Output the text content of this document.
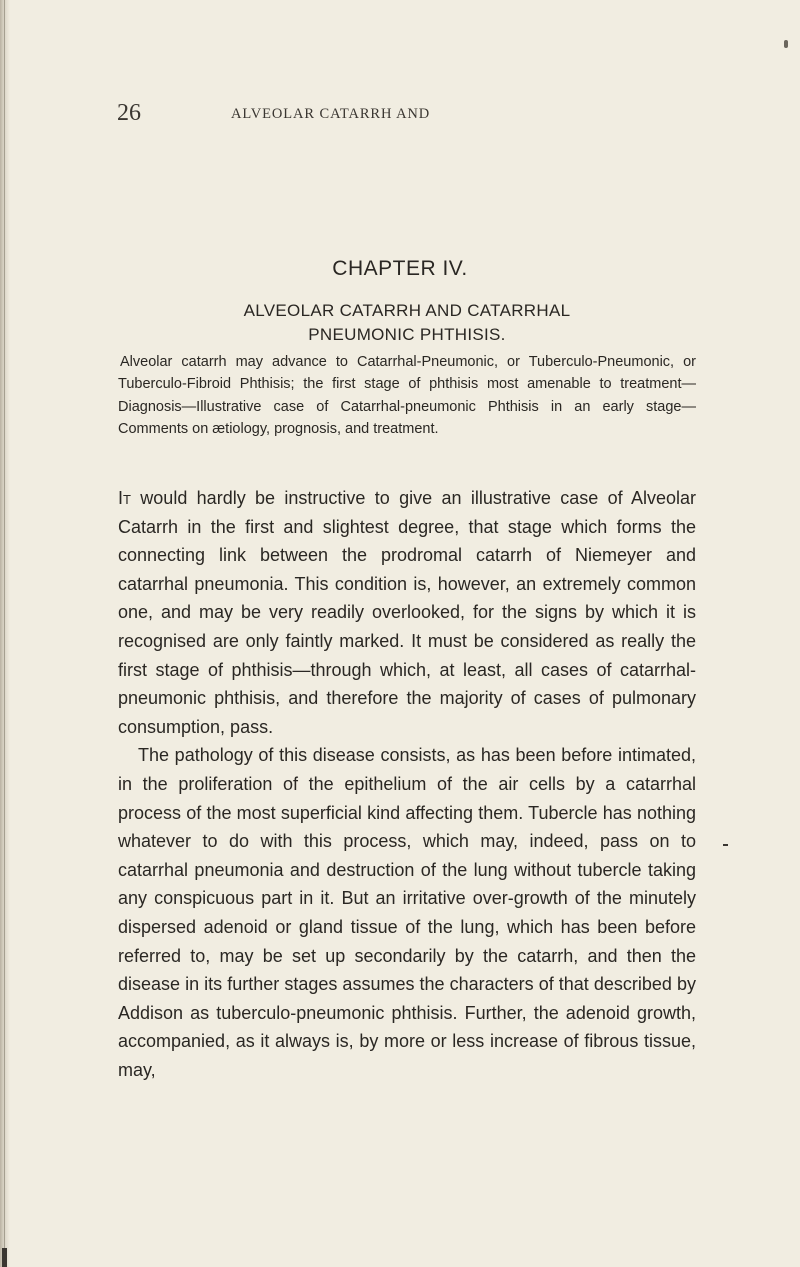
26	ALVEOLAR CATARRH AND
CHAPTER IV.
ALVEOLAR CATARRH AND CATARRHAL PNEUMONIC PHTHISIS.

Alveolar catarrh may advance to Catarrhal-Pneumonic, or Tuberculo-Pneumonic, or Tuberculo-Fibroid Phthisis; the first stage of phthisis most amenable to treatment—Diagnosis—Illustrative case of Catarrhal-pneumonic Phthisis in an early stage—Comments on ætiology, prognosis, and treatment.

It would hardly be instructive to give an illustrative case of Alveolar Catarrh in the first and slightest degree, that stage which forms the connecting link between the prodromal catarrh of Niemeyer and catarrhal pneumonia. This condition is, however, an extremely common one, and may be very readily overlooked, for the signs by which it is recognised are only faintly marked. It must be considered as really the first stage of phthisis—through which, at least, all cases of catarrhal-pneumonic phthisis, and therefore the majority of cases of pulmonary consumption, pass.

The pathology of this disease consists, as has been before intimated, in the proliferation of the epithelium of the air cells by a catarrhal process of the most superficial kind affecting them. Tubercle has nothing whatever to do with this process, which may, indeed, pass on to catarrhal pneumonia and destruction of the lung without tubercle taking any conspicuous part in it. But an irritative over-growth of the minutely dispersed adenoid or gland tissue of the lung, which has been before referred to, may be set up secondarily by the catarrh, and then the disease in its further stages assumes the characters of that described by Addison as tuberculo-pneumonic phthisis. Further, the adenoid growth, accompanied, as it always is, by more or less increase of fibrous tissue, may,
